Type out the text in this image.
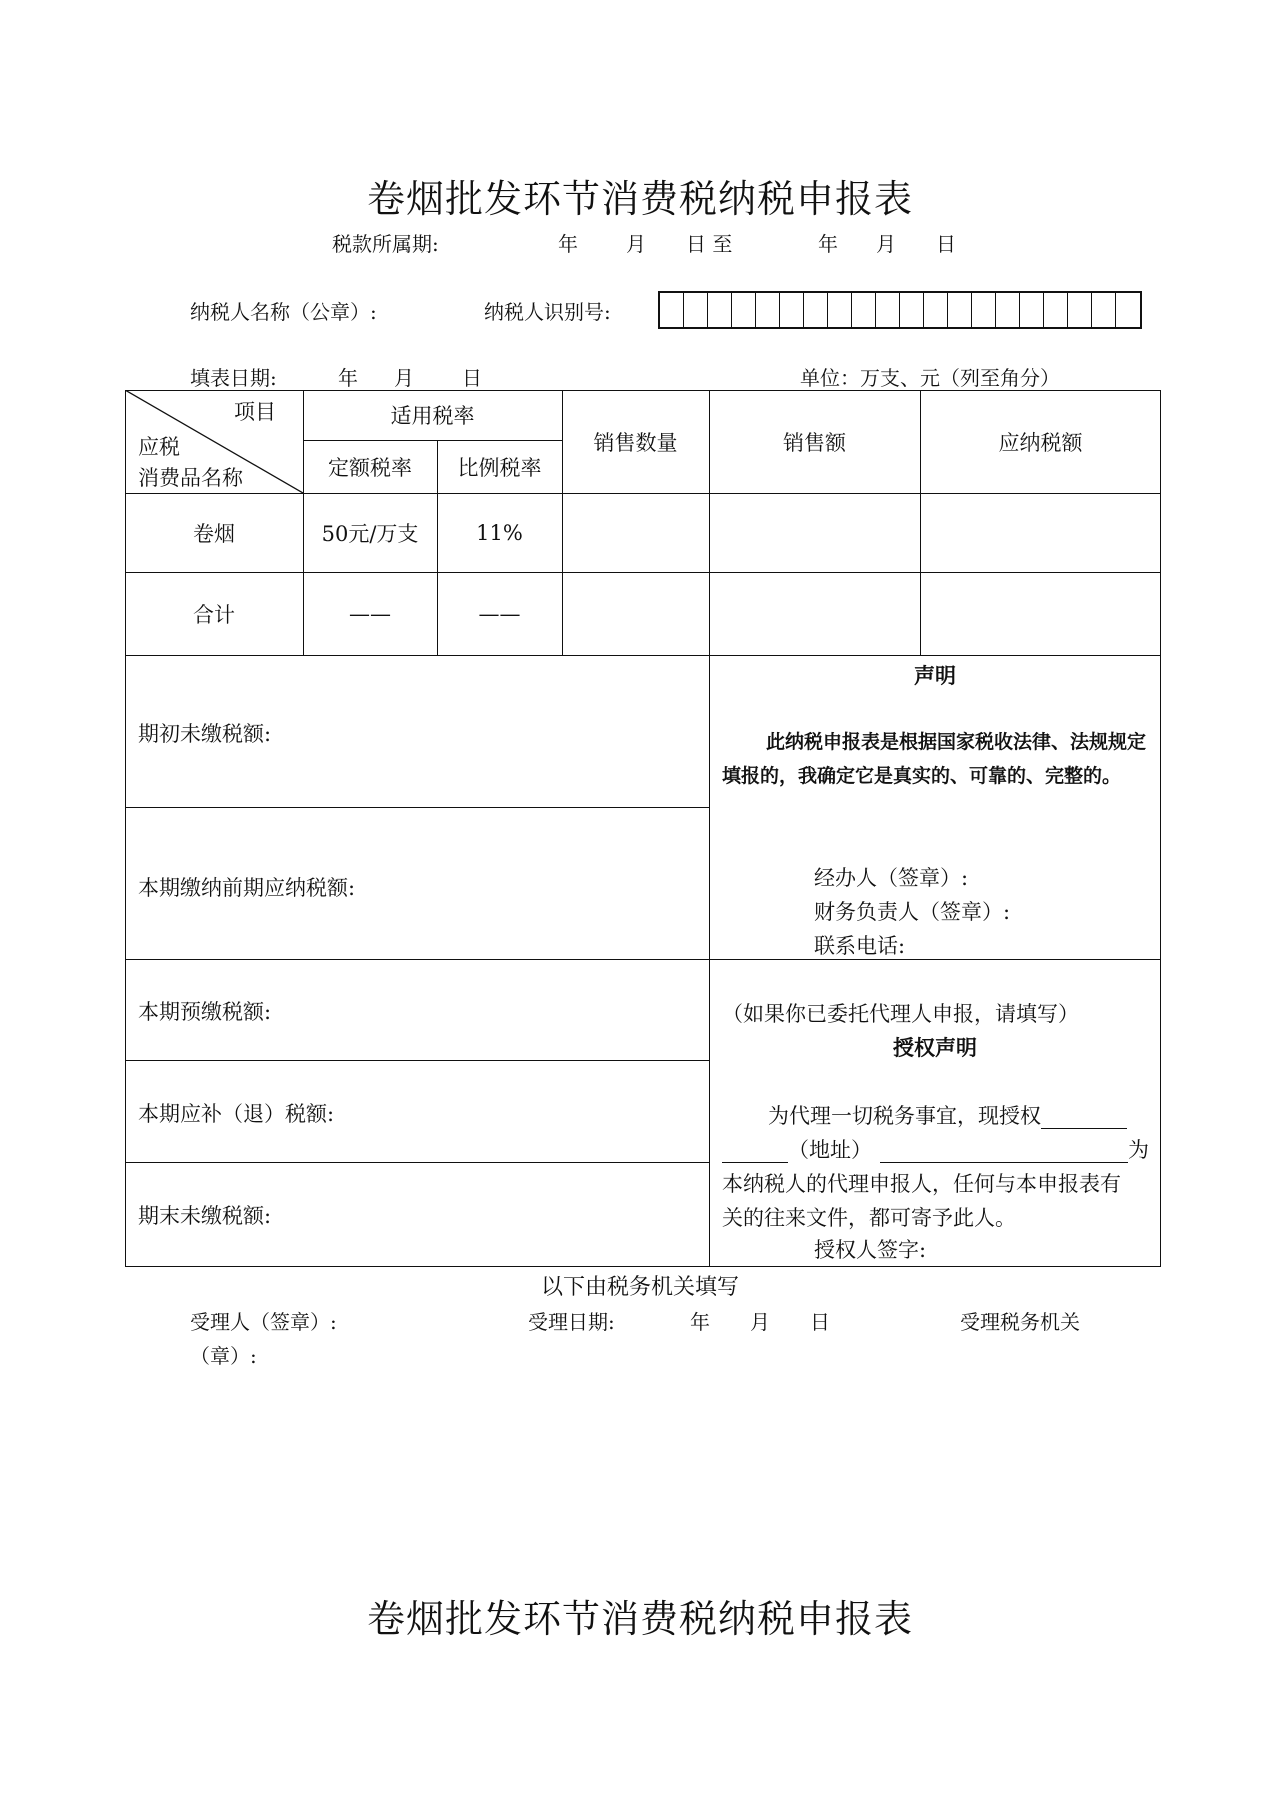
卷烟批发环节消费税纳税申报表
税款所属期:	年 月 日 至	年 月 日
纳税人名称（公章）:	纳税人识别号:
填表日期:	年 月 日	单位：万支、元（列至角分）
项目
应税
消费品名称
适用税率
定额税率	比例税率
销售数量	销售额	应纳税额
卷烟	50元/万支	11%
合计	——	——
期初未缴税额:
本期缴纳前期应纳税额:
本期预缴税额:
本期应补（退）税额:
期末未缴税额:
声明
此纳税申报表是根据国家税收法律、法规规定填报的，我确定它是真实的、可靠的、完整的。
经办人（签章）:
财务负责人（签章）:
联系电话:
（如果你已委托代理人申报，请填写）
授权声明
为代理一切税务事宜，现授权
（地址）	为
本纳税人的代理申报人，任何与本申报表有
关的往来文件，都可寄予此人。
授权人签字:
以下由税务机关填写
受理人（签章）:	受理日期:	年 月 日	受理税务机关
（章）:
卷烟批发环节消费税纳税申报表
